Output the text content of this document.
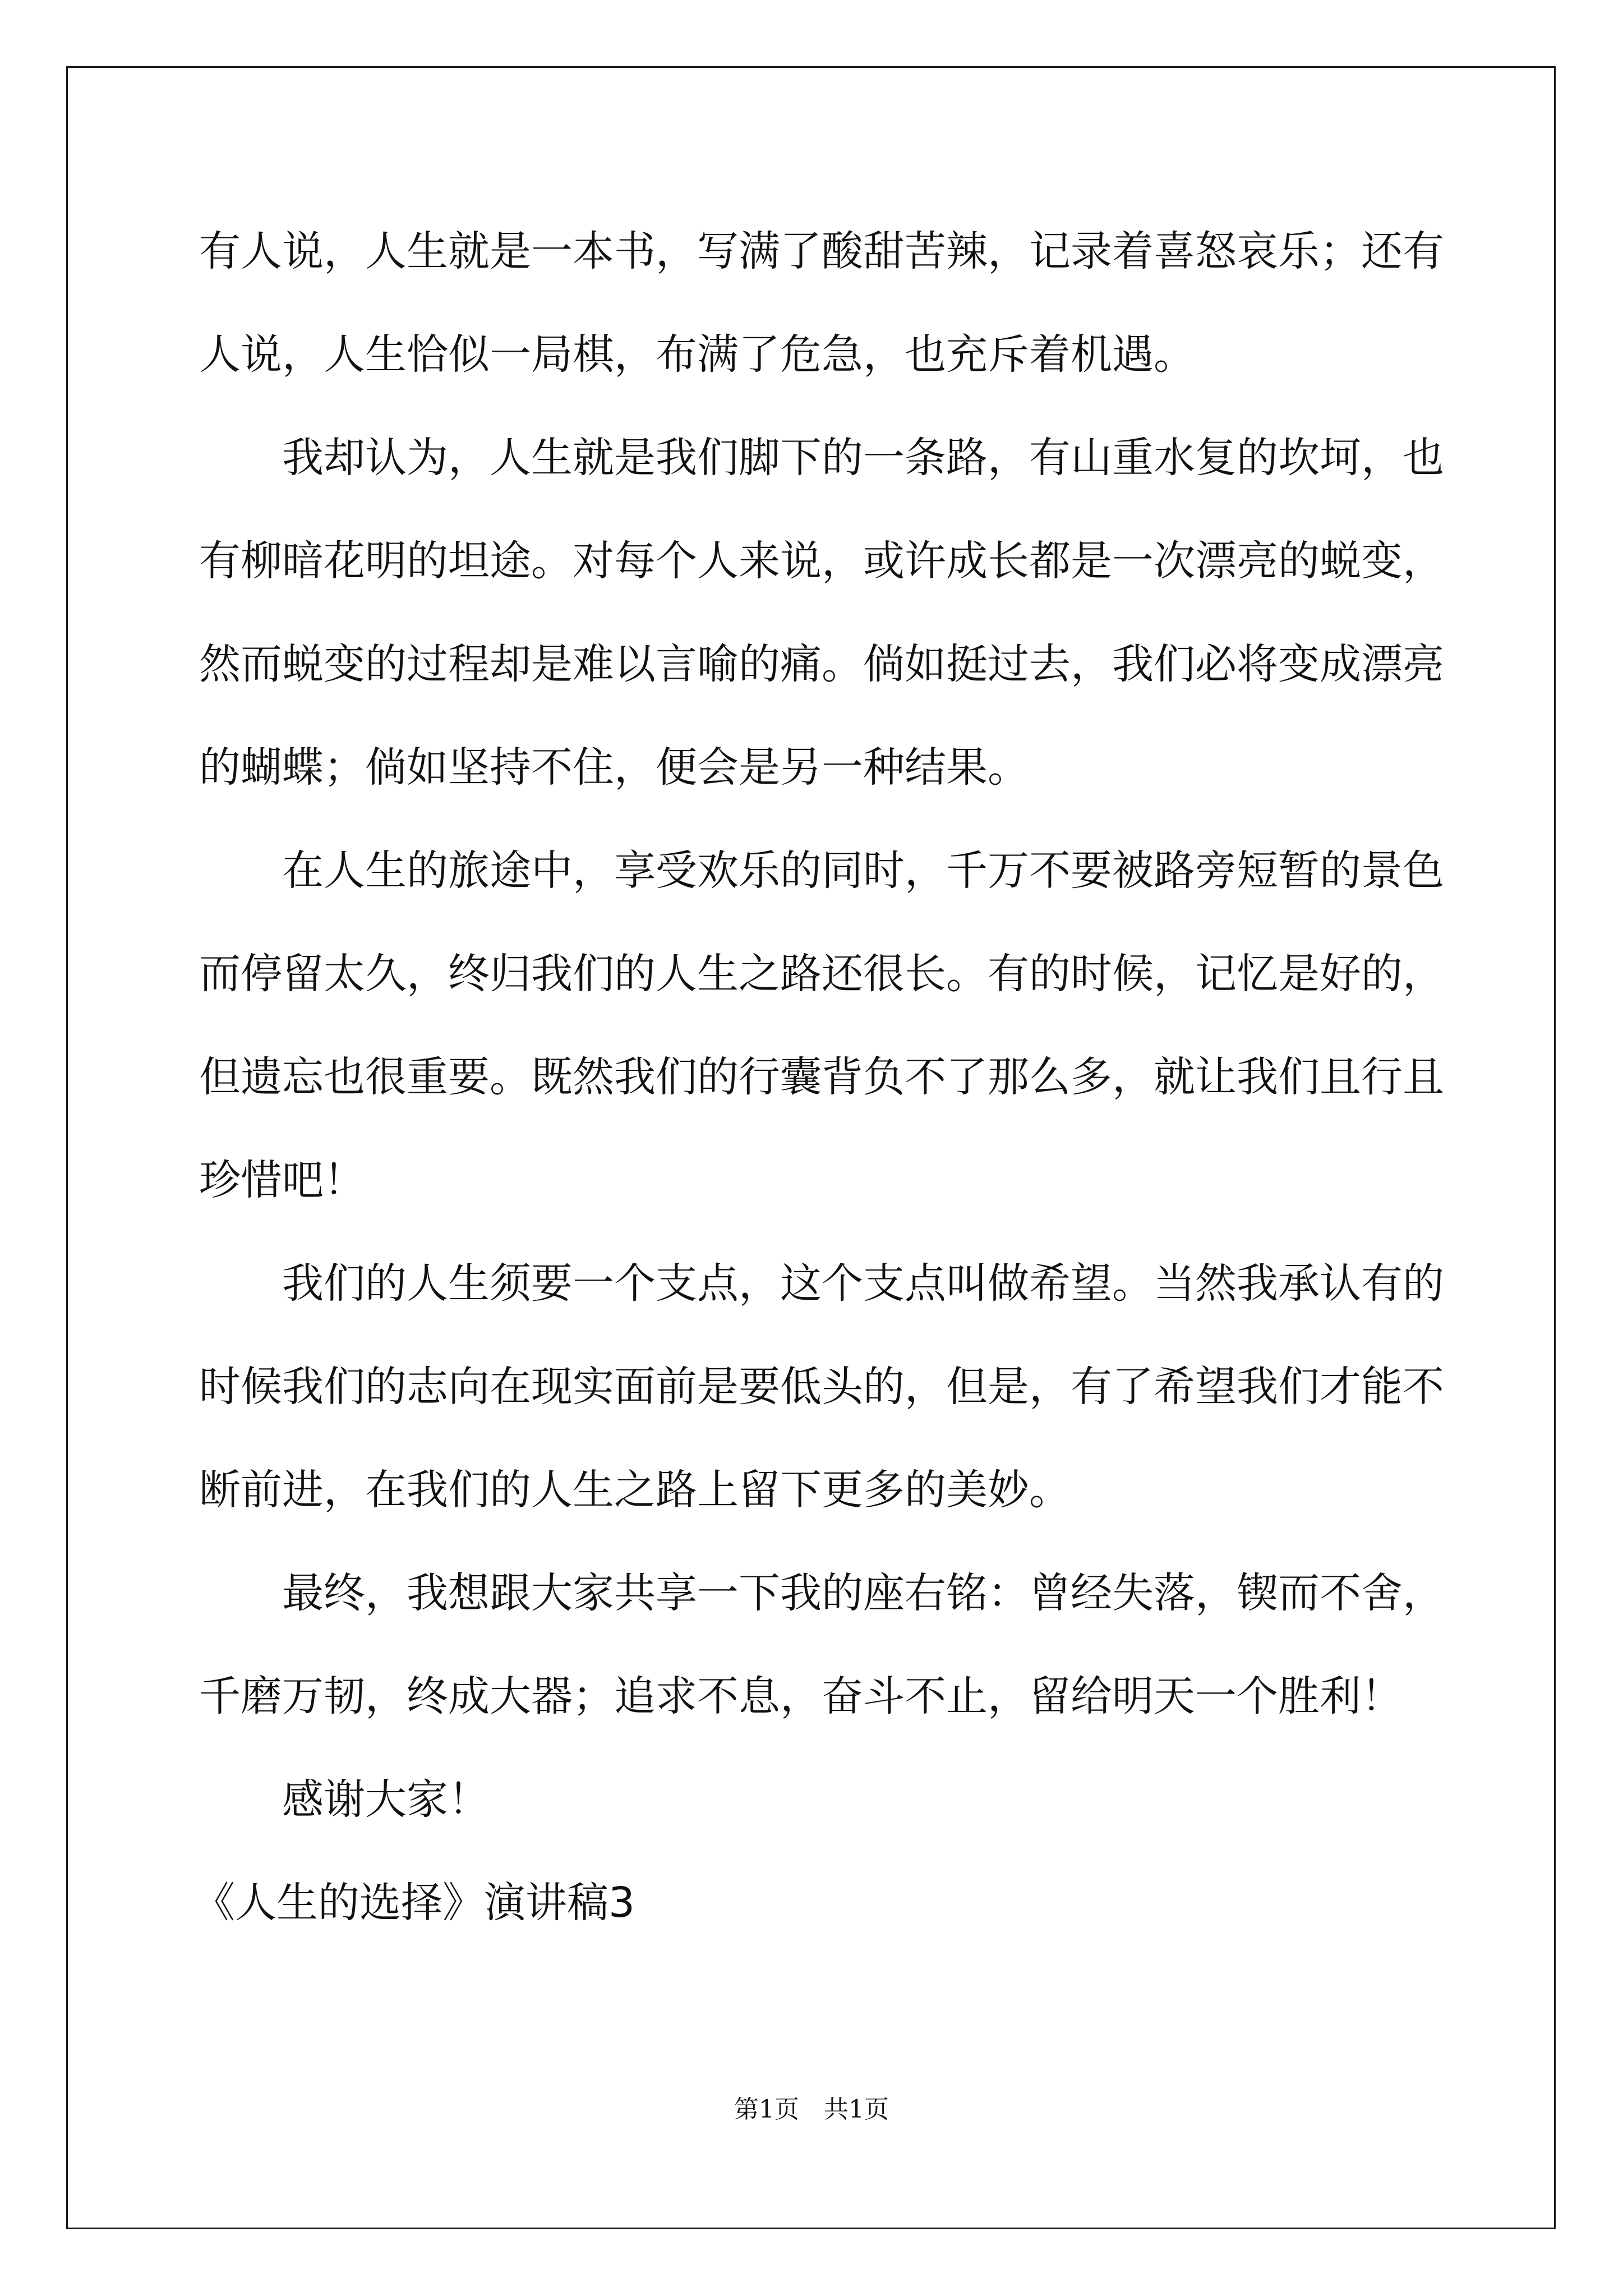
有人说，人生就是一本书，写满了酸甜苦辣，记录着喜怒哀乐；还有
人说，人生恰似一局棋，布满了危急，也充斥着机遇。
我却认为，人生就是我们脚下的一条路，有山重水复的坎坷，也
有柳暗花明的坦途。对每个人来说，或许成长都是一次漂亮的蜕变，
然而蜕变的过程却是难以言喻的痛。倘如挺过去，我们必将变成漂亮
的蝴蝶；倘如坚持不住，便会是另一种结果。
在人生的旅途中，享受欢乐的同时，千万不要被路旁短暂的景色
而停留太久，终归我们的人生之路还很长。有的时候，记忆是好的，
但遗忘也很重要。既然我们的行囊背负不了那么多，就让我们且行且
珍惜吧！
我们的人生须要一个支点，这个支点叫做希望。当然我承认有的
时候我们的志向在现实面前是要低头的，但是，有了希望我们才能不
断前进，在我们的人生之路上留下更多的美妙。
最终，我想跟大家共享一下我的座右铭：曾经失落，锲而不舍，
千磨万韧，终成大器；追求不息，奋斗不止，留给明天一个胜利！
感谢大家！
《人生的选择》演讲稿3
第1页 共1页
